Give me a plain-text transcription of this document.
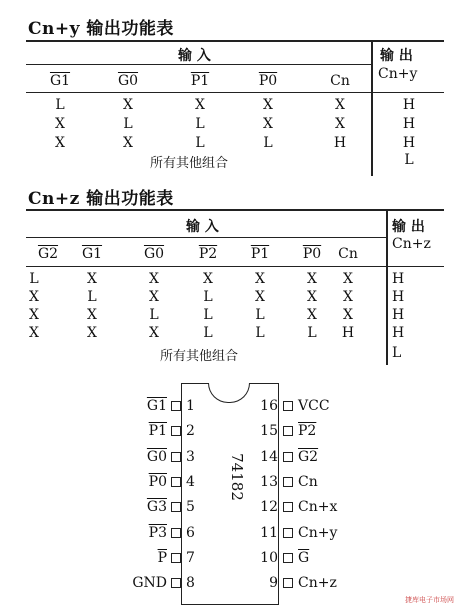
Cn+y 输出功能表
输 入	输 出
Cn+y
G1	G0	P1	P0	Cn
L	X	X	X	X	H
X	L	L	X	X	H
X	X	L	L	H	H
所有其他组合	L
Cn+z 输出功能表
输 入	输 出
Cn+z
G2	G1	G0	P2	P1	P0	Cn
L	X	X	X	X	X	X	H
X	L	X	L	X	X	X	H
X	X	L	L	L	X	X	H
X	X	X	L	L	L	H	H
所有其他组合	L
74182
1
G1
2
P1
3
G0
4
P0
5
G3
6
P3
7
$\overline{P}$
8
GND
16 VCC
15 P2
14 G2
13 Cn
12 Cn+x
11 Cn+y
10 $\overline{G}$
9 Cn+z
捷库电子市场网
